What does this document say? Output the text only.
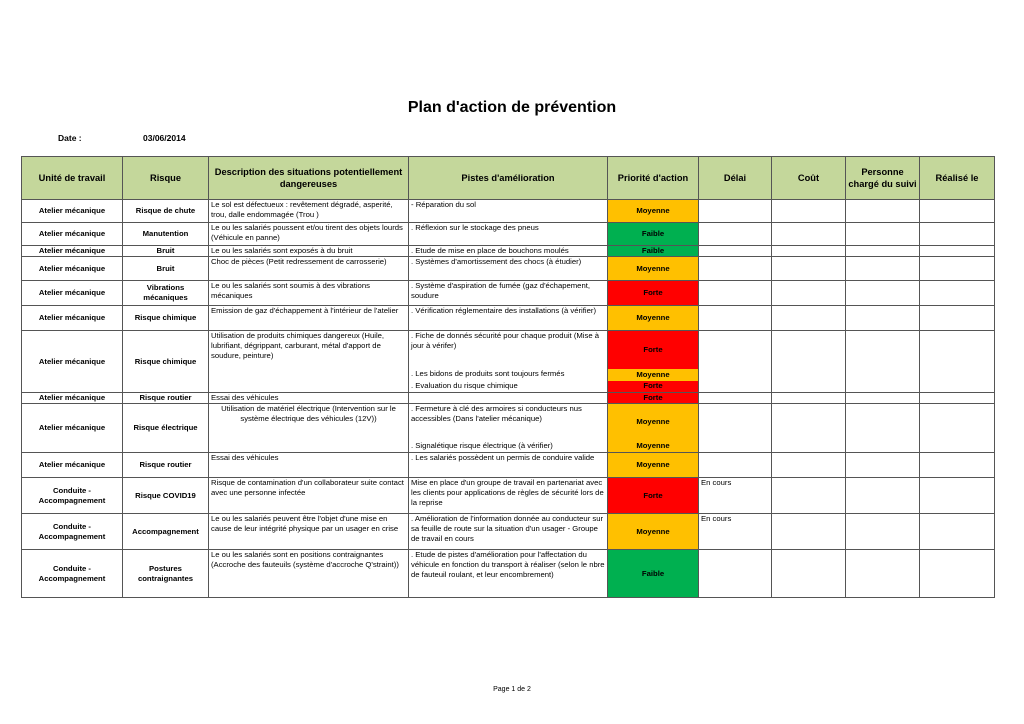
Plan d'action de prévention
Date :	03/06/2014
Unité de travail	Risque	Description des situations potentiellement dangereuses	Pistes d'amélioration	Priorité d'action	Délai	Coût	Personne chargé du suivi	Réalisé le
Atelier mécanique	Risque de chute	Le sol est défectueux : revêtement dégradé, asperité, trou, dalle endommagée (Trou )	- Réparation du sol	Moyenne				
Atelier mécanique	Manutention	Le ou les salariés poussent et/ou tirent des objets lourds (Véhicule en panne)	. Réflexion sur le stockage des pneus	Faible				
Atelier mécanique	Bruit	Le ou les salariés sont exposés à du bruit	. Etude de mise en place de bouchons moulés	Faible				
Atelier mécanique	Bruit	Choc de pièces (Petit redressement de carrosserie)	. Systèmes d'amortissement des chocs (à étudier)	Moyenne				
Atelier mécanique	Vibrations mécaniques	Le ou les salariés sont soumis à des vibrations mécaniques	. Système d'aspiration de fumée (gaz d'échapement, soudure	Forte				
Atelier mécanique	Risque chimique	Emission de gaz d'échappement à l'intérieur de l'atelier	. Vérification réglementaire des installations (à vérifier)	Moyenne				
Atelier mécanique	Risque chimique	Utilisation de produits chimiques dangereux (Huile, lubrifiant, dégrippant, carburant, métal d'apport de soudure, peinture)	. Fiche de donnés sécurité pour chaque produit (Mise à jour à vérifer)	Forte				
			. Les bidons de produits sont toujours fermés	Moyenne				
			. Evaluation du risque chimique	Forte				
Atelier mécanique	Risque routier	Essai des véhicules		Forte				
Atelier mécanique	Risque électrique	Utilisation de matériel électrique (Intervention sur le système électrique des véhicules (12V))	. Fermeture à clé des armoires si conducteurs nus accessibles (Dans l'atelier mécanique)	Moyenne				
			. Signalétique risque électrique (à vérifier)	Moyenne				
Atelier mécanique	Risque routier	Essai des véhicules	. Les salariés possèdent un permis de conduire valide	Moyenne				
Conduite - Accompagnement	Risque COVID19	Risque de contamination d'un collaborateur suite contact avec une personne infectée	Mise en place d'un groupe de travail en partenariat avec les clients pour applications de règles de sécurité lors de la reprise	Forte	En cours			
Conduite - Accompagnement	Accompagnement	Le ou les salariés peuvent être l'objet d'une mise en cause de leur intégrité physique par un usager en crise	. Amélioration de l'information donnée au conducteur sur sa feuille de route sur la situation d'un usager - Groupe de travail en cours	Moyenne	En cours			
Conduite - Accompagnement	Postures contraignantes	Le ou les salariés sont en positions contraignantes (Accroche des fauteuils (système d'accroche Q'straint))	. Etude de pistes d'amélioration pour l'affectation du véhicule en fonction du transport à réaliser (selon le nbre de fauteuil roulant, et leur encombrement)	Faible				
Page 1 de 2
